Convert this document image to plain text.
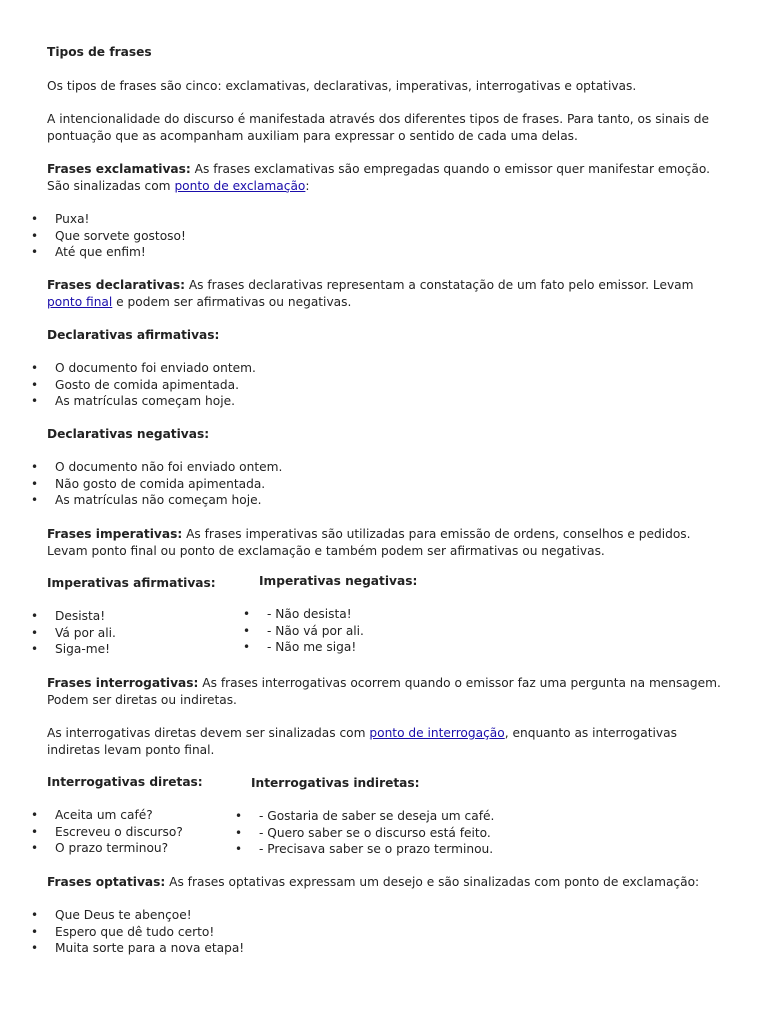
Tipos de frases

Os tipos de frases são cinco: exclamativas, declarativas, imperativas, interrogativas e optativas.

A intencionalidade do discurso é manifestada através dos diferentes tipos de frases. Para tanto, os sinais de pontuação que as acompanham auxiliam para expressar o sentido de cada uma delas.

Frases exclamativas: As frases exclamativas são empregadas quando o emissor quer manifestar emoção. São sinalizadas com ponto de exclamação:

• Puxa!
• Que sorvete gostoso!
• Até que enfim!

Frases declarativas: As frases declarativas representam a constatação de um fato pelo emissor. Levam ponto final e podem ser afirmativas ou negativas.

Declarativas afirmativas:

• O documento foi enviado ontem.
• Gosto de comida apimentada.
• As matrículas começam hoje.

Declarativas negativas:

• O documento não foi enviado ontem.
• Não gosto de comida apimentada.
• As matrículas não começam hoje.

Frases imperativas: As frases imperativas são utilizadas para emissão de ordens, conselhos e pedidos. Levam ponto final ou ponto de exclamação e também podem ser afirmativas ou negativas.

Imperativas afirmativas:	Imperativas negativas:
• Desista!
• Vá por ali.
• Siga-me!
• - Não desista!
• - Não vá por ali.
• - Não me siga!

Frases interrogativas: As frases interrogativas ocorrem quando o emissor faz uma pergunta na mensagem. Podem ser diretas ou indiretas.

As interrogativas diretas devem ser sinalizadas com ponto de interrogação, enquanto as interrogativas indiretas levam ponto final.

Interrogativas diretas:	Interrogativas indiretas:
• Aceita um café?
• Escreveu o discurso?
• O prazo terminou?
• - Gostaria de saber se deseja um café.
• - Quero saber se o discurso está feito.
• - Precisava saber se o prazo terminou.

Frases optativas: As frases optativas expressam um desejo e são sinalizadas com ponto de exclamação:

• Que Deus te abençoe!
• Espero que dê tudo certo!
• Muita sorte para a nova etapa!
